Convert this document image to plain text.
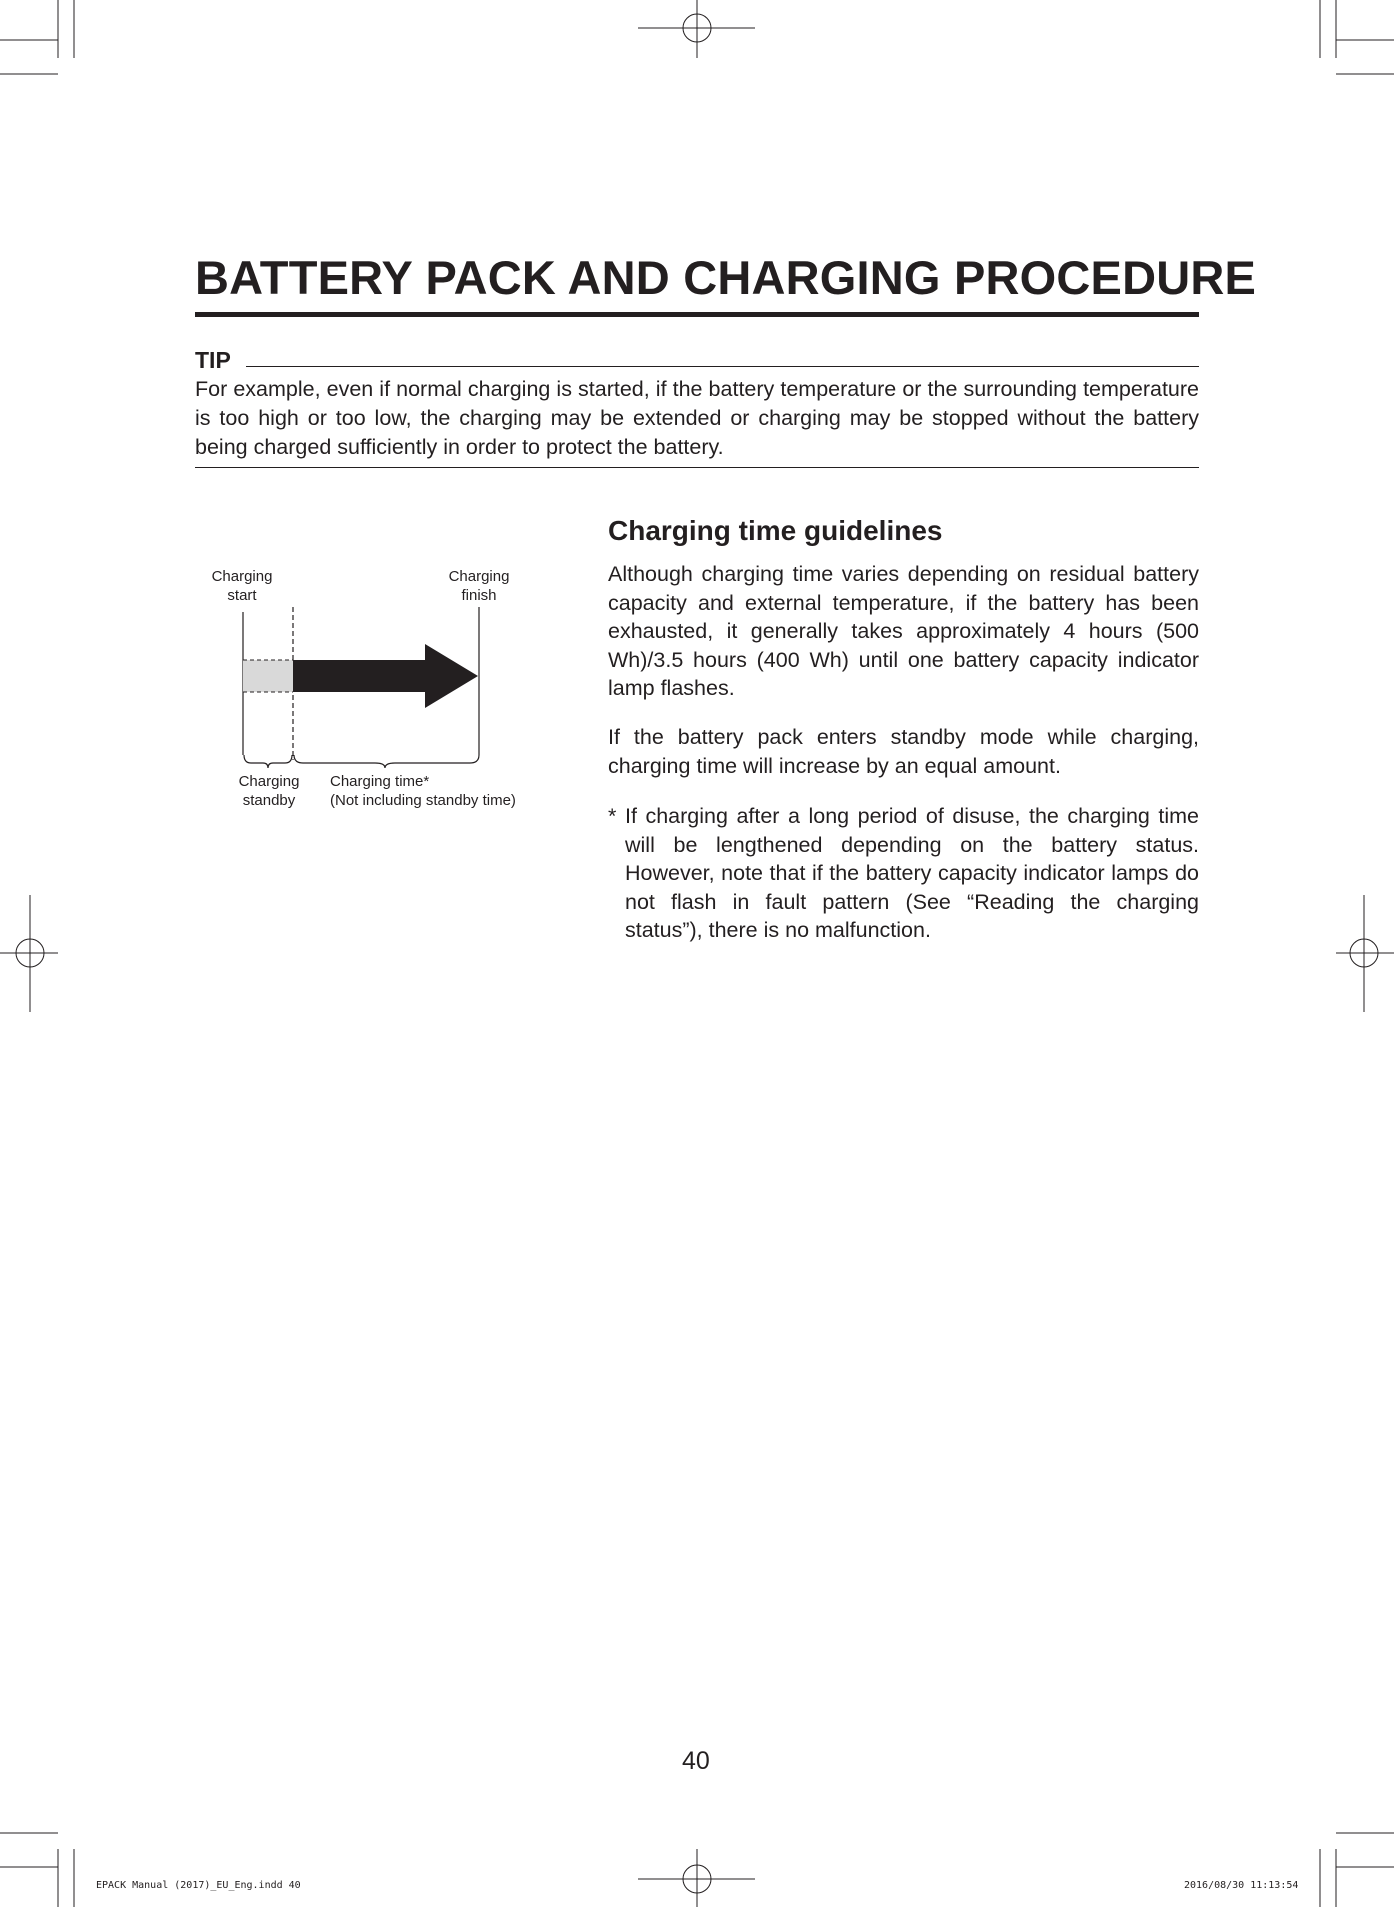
BATTERY PACK AND CHARGING PROCEDURE
TIP

For example, even if normal charging is started, if the battery temperature or the surrounding temperature is too high or too low, the charging may be extended or charging may be stopped without the battery being charged sufficiently in order to protect the battery.

Charging
start
Charging
finish
Charging
standby
Charging time*
(Not including standby time)
Charging time guidelines

Although charging time varies depending on residual battery capacity and external temperature, if the battery has been exhausted, it generally takes approximately 4 hours (500 Wh)/3.5 hours (400 Wh) until one battery capacity indicator lamp flashes.

If the battery pack enters standby mode while charging, charging time will increase by an equal amount.

* If charging after a long period of disuse, the charging time will be lengthened depending on the battery status. However, note that if the battery capacity indicator lamps do not flash in fault pattern (See “Reading the charging status”), there is no malfunction.

40
EPACK Manual (2017)_EU_Eng.indd 40	2016/08/30 11:13:54
